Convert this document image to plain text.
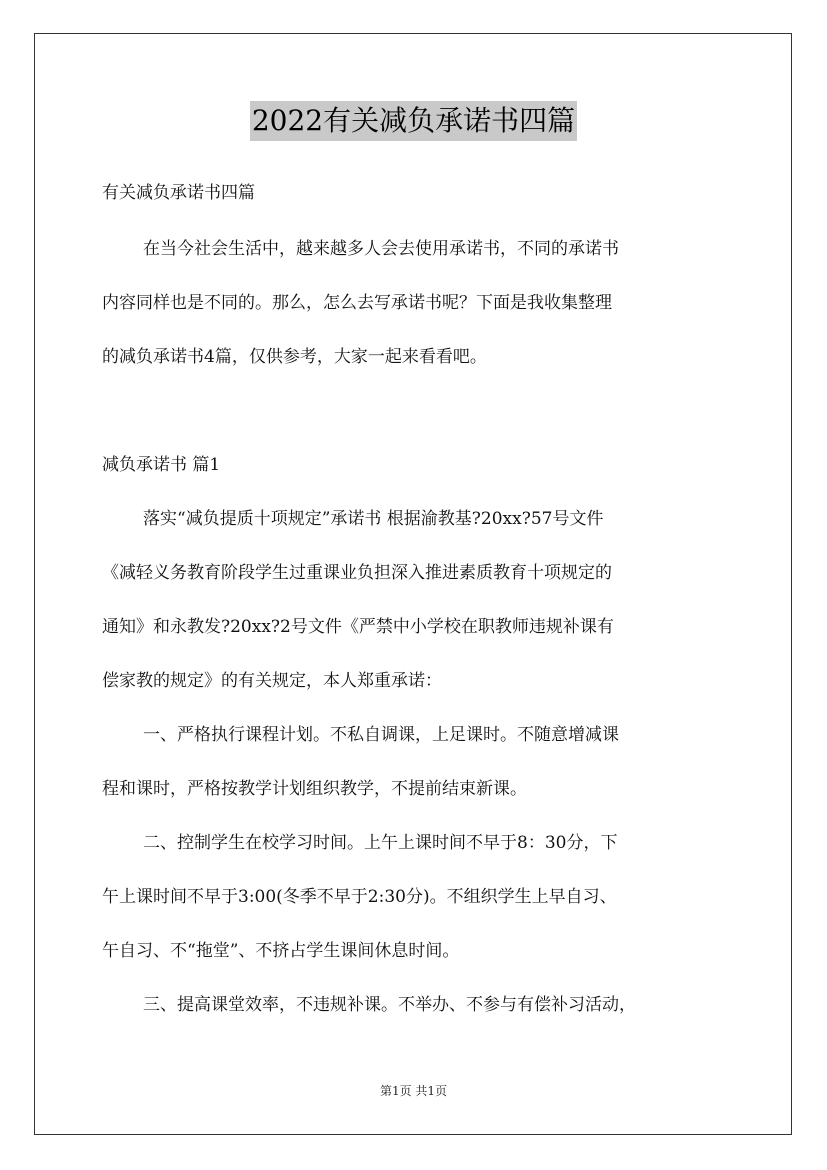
2022有关减负承诺书四篇
有关减负承诺书四篇
在当今社会生活中，越来越多人会去使用承诺书，不同的承诺书
内容同样也是不同的。那么，怎么去写承诺书呢？下面是我收集整理
的减负承诺书4篇，仅供参考，大家一起来看看吧。
减负承诺书 篇1
落实“减负提质十项规定”承诺书 根据渝教基?20xx?57号文件
《减轻义务教育阶段学生过重课业负担深入推进素质教育十项规定的
通知》和永教发?20xx?2号文件《严禁中小学校在职教师违规补课有
偿家教的规定》的有关规定，本人郑重承诺：
一、严格执行课程计划。不私自调课，上足课时。不随意增减课
程和课时，严格按教学计划组织教学，不提前结束新课。
二、控制学生在校学习时间。上午上课时间不早于8：30分，下
午上课时间不早于3:00(冬季不早于2:30分)。不组织学生上早自习、
午自习、不“拖堂”、不挤占学生课间休息时间。
三、提高课堂效率，不违规补课。不举办、不参与有偿补习活动，
第1页 共1页
